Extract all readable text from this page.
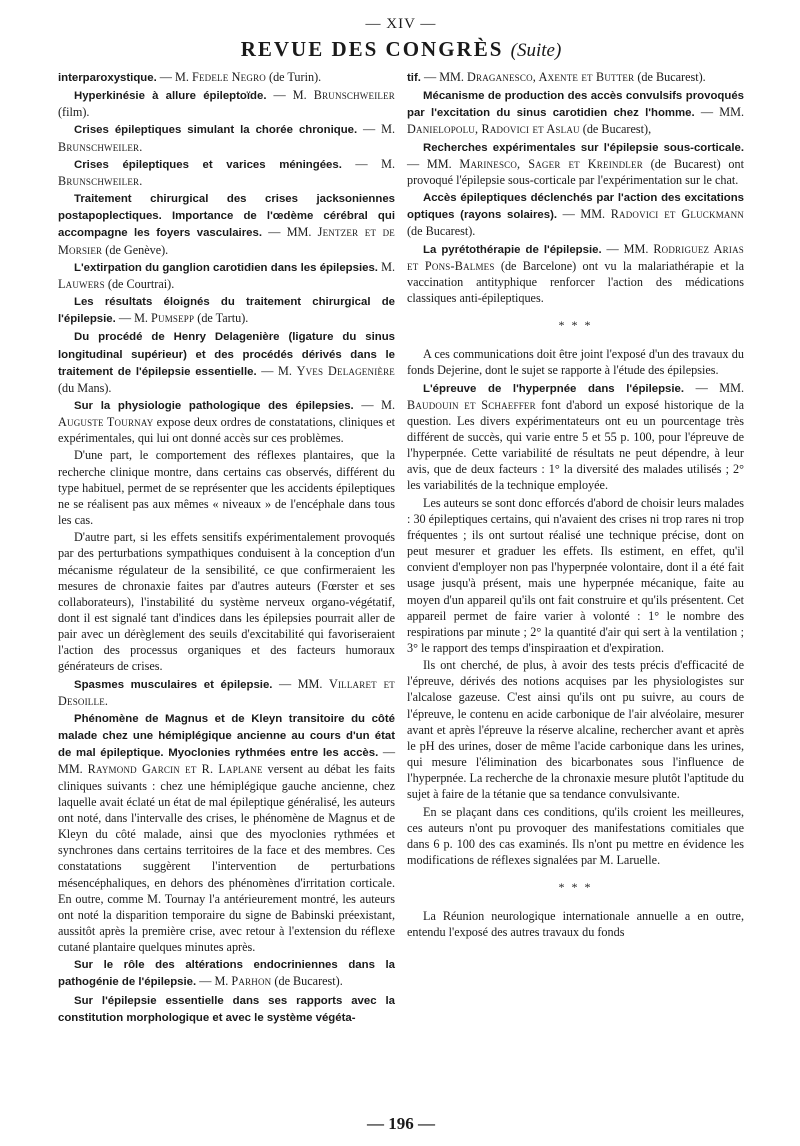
— XIV —
REVUE DES CONGRÈS (Suite)

interparoxystique. — M. Fedele Negro (de Turin).

Hyperkinésie à allure épileptoïde. — M. Brunschweiler (film).

Crises épileptiques simulant la chorée chronique. — M. Brunschweiler.

Crises épileptiques et varices méningées. — M. Brunschweiler.

Traitement chirurgical des crises jacksoniennes postapoplectiques. Importance de l'œdème cérébral qui accompagne les foyers vasculaires. — MM. Jentzer et de Morsier (de Genève).

L'extirpation du ganglion carotidien dans les épilepsies. M. Lauwers (de Courtrai).

Les résultats éloignés du traitement chirurgical de l'épilepsie. — M. Pumsepp (de Tartu).

Du procédé de Henry Delagenière (ligature du sinus longitudinal supérieur) et des procédés dérivés dans le traitement de l'épilepsie essentielle. — M. Yves Delagenière (du Mans).

Sur la physiologie pathologique des épilepsies. — M. Auguste Tournay expose deux ordres de constatations, cliniques et expérimentales, qui lui ont donné accès sur ces problèmes.

D'une part, le comportement des réflexes plantaires, que la recherche clinique montre, dans certains cas observés, différent du type habituel, permet de se représenter que les accidents épileptiques ne se réalisent pas aux mêmes « niveaux » de l'encéphale dans tous les cas.

D'autre part, si les effets sensitifs expérimentalement provoqués par des perturbations sympathiques conduisent à la conception d'un mécanisme régulateur de la sensibilité, ce que confirmeraient les mesures de chronaxie faites par d'autres auteurs (Fœrster et ses collaborateurs), l'instabilité du système nerveux organo-végétatif, dont il est signalé tant d'indices dans les épilepsies pourrait aller de pair avec un dérèglement des seuils d'excitabilité qui favoriseraient l'action des processus organiques et des facteurs humoraux générateurs de crises.

Spasmes musculaires et épilepsie. — MM. Villaret et Desoille.

Phénomène de Magnus et de Kleyn transitoire du côté malade chez une hémiplégique ancienne au cours d'un état de mal épileptique. Myoclonies rythmées entre les accès. — MM. Raymond Garcin et R. Laplane versent au débat les faits cliniques suivants : chez une hémiplégique gauche ancienne, chez laquelle avait éclaté un état de mal épileptique généralisé, les auteurs ont noté, dans l'intervalle des crises, le phénomène de Magnus et de Kleyn du côté malade, ainsi que des myoclonies rythmées et synchrones dans certains territoires de la face et des membres. Ces constatations suggèrent l'intervention de perturbations mésencéphaliques, en dehors des phénomènes d'irritation corticale. En outre, comme M. Tournay l'a antérieurement montré, les auteurs ont noté la disparition temporaire du signe de Babinski préexistant, aussitôt après la première crise, avec retour à l'extension du réflexe cutané plantaire quelques minutes après.

Sur le rôle des altérations endocriniennes dans la pathogénie de l'épilepsie. — M. Parhon (de Bucarest).

Sur l'épilepsie essentielle dans ses rapports avec la constitution morphologique et avec le système végéta-

tif. — MM. Draganesco, Axente et Butter (de Bucarest).

Mécanisme de production des accès convulsifs provoqués par l'excitation du sinus carotidien chez l'homme. — MM. Danielopolu, Radovici et Aslau (de Bucarest),

Recherches expérimentales sur l'épilepsie sous-corticale. — MM. Marinesco, Sager et Kreindler (de Bucarest) ont provoqué l'épilepsie sous-corticale par l'expérimentation sur le chat.

Accès épileptiques déclenchés par l'action des excitations optiques (rayons solaires). — MM. Radovici et Gluckmann (de Bucarest).

La pyrétothérapie de l'épilepsie. — MM. Rodriguez Arias et Pons-Balmes (de Barcelone) ont vu la malariathérapie et la vaccination antityphique renforcer l'action des médications classiques anti-épileptiques.

* * *

A ces communications doit être joint l'exposé d'un des travaux du fonds Dejerine, dont le sujet se rapporte à l'étude des épilepsies.

L'épreuve de l'hyperpnée dans l'épilepsie. — MM. Baudouin et Schaeffer font d'abord un exposé historique de la question. Les divers expérimentateurs ont eu un pourcentage très différent de succès, qui varie entre 5 et 55 p. 100, pour l'épreuve de l'hyperpnée. Cette variabilité de résultats ne peut dépendre, à leur avis, que de deux facteurs : 1° la diversité des malades utilisés ; 2° les variabilités de la technique employée.

Les auteurs se sont donc efforcés d'abord de choisir leurs malades : 30 épileptiques certains, qui n'avaient des crises ni trop rares ni trop fréquentes ; ils ont surtout réalisé une technique précise, dont on peut mesurer et graduer les effets. Ils estiment, en effet, qu'il convient d'employer non pas l'hyperpnée volontaire, dont il a été fait usage jusqu'à présent, mais une hyperpnée mécanique, faite au moyen d'un appareil qu'ils ont fait construire et qu'ils présentent. Cet appareil permet de faire varier à volonté : 1° le nombre des respirations par minute ; 2° la quantité d'air qui sert à la ventilation ; 3° le rapport des temps d'inspiraation et d'expiration.

Ils ont cherché, de plus, à avoir des tests précis d'efficacité de l'épreuve, dérivés des notions acquises par les physiologistes sur l'alcalose gazeuse. C'est ainsi qu'ils ont pu suivre, au cours de l'épreuve, le contenu en acide carbonique de l'air alvéolaire, mesurer avant et après l'épreuve la réserve alcaline, rechercher avant et après le pH des urines, doser de même l'acide carbonique dans les urines, qui mesure l'élimination des bicarbonates sous l'influence de l'hyperpnée. La recherche de la chronaxie mesure plutôt l'aptitude du sujet à faire de la tétanie que sa tendance convulsivante.

En se plaçant dans ces conditions, qu'ils croient les meilleures, ces auteurs n'ont pu provoquer des manifestations comitiales que dans 6 p. 100 des cas examinés. Ils n'ont pu mettre en évidence les modifications de réflexes signalées par M. Laruelle.

* * *

La Réunion neurologique internationale annuelle a en outre, entendu l'exposé des autres travaux du fonds

— 196 —
